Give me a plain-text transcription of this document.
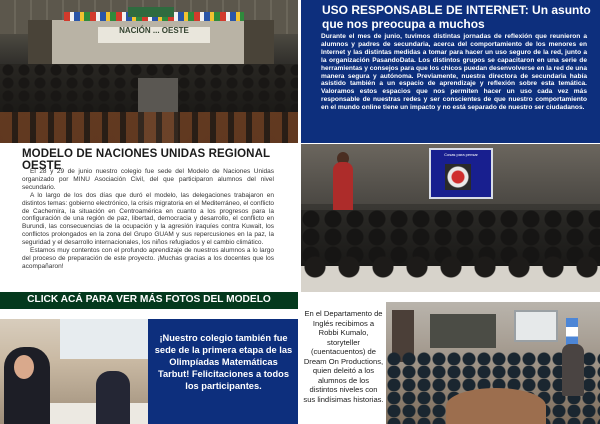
NACIÓN ... OESTE
MODELO DE NACIONES UNIDAS REGIONAL OESTE

El 28 y 29 de junio nuestro colegio fue sede del Modelo de Naciones Unidas organizado por MINU Asociación Civil, del que participaron alumnos del nivel secundario.

A lo largo de los dos días que duró el modelo, las delegaciones trabajaron en distintos temas: gobierno electrónico, la crisis migratoria en el Mediterráneo, el conflicto de Cachemira, la situación en Centroamérica en cuanto a los progresos para la configuración de una región de paz, libertad, democracia y desarrollo, el conflicto en Burundi, las consecuencias de la ocupación y la agresión iraquíes contra Kuwait, los conflictos prolongados en la zona del Grupo GUAM y sus repercusiones en la paz, la seguridad y el desarrollo internacionales, los niños refugiados y el cambio climático.

Estamos muy contentos con el profundo aprendizaje de nuestros alumnos a lo largo del proceso de preparación de este proyecto. ¡Muchas gracias a los docentes que los acompañaron!

CLICK ACÁ PARA VER MÁS FOTOS DEL MODELO
USO RESPONSABLE DE INTERNET: Un asunto que nos preocupa a muchos
Durante el mes de junio, tuvimos distintas jornadas de reflexión que reunieron a alumnos y padres de secundaria, acerca del comportamiento de los menores en Internet y las distintas medidas a tomar para hacer un uso seguro de la red, junto a la organización PasandoData. Los distintos grupos se capacitaron en una serie de herramientas y consejos para que los chicos puedan desenvolverse en la red de una manera segura y autónoma. Previamente, nuestra directora de secundaria había asistido también a un espacio de aprendizaje y reflexión sobre esta temática. Valoramos estos espacios que nos permiten hacer un uso cada vez más responsable de nuestras redes y ser conscientes de que nuestro comportamiento en el mundo online tiene un impacto y no está separado de nuestro ser ciudadanos.
Cosas para pensar
¡Nuestro colegio también fue sede de la primera etapa de las Olimpíadas Matemáticas Tarbut! Felicitaciones a todos los participantes.
En el Departamento de Inglés recibimos a Robbi Kumalo, storyteller (cuentacuentos) de Dream On Productions, quien deleitó a los alumnos de los distintos niveles con sus lindísimas historias.
